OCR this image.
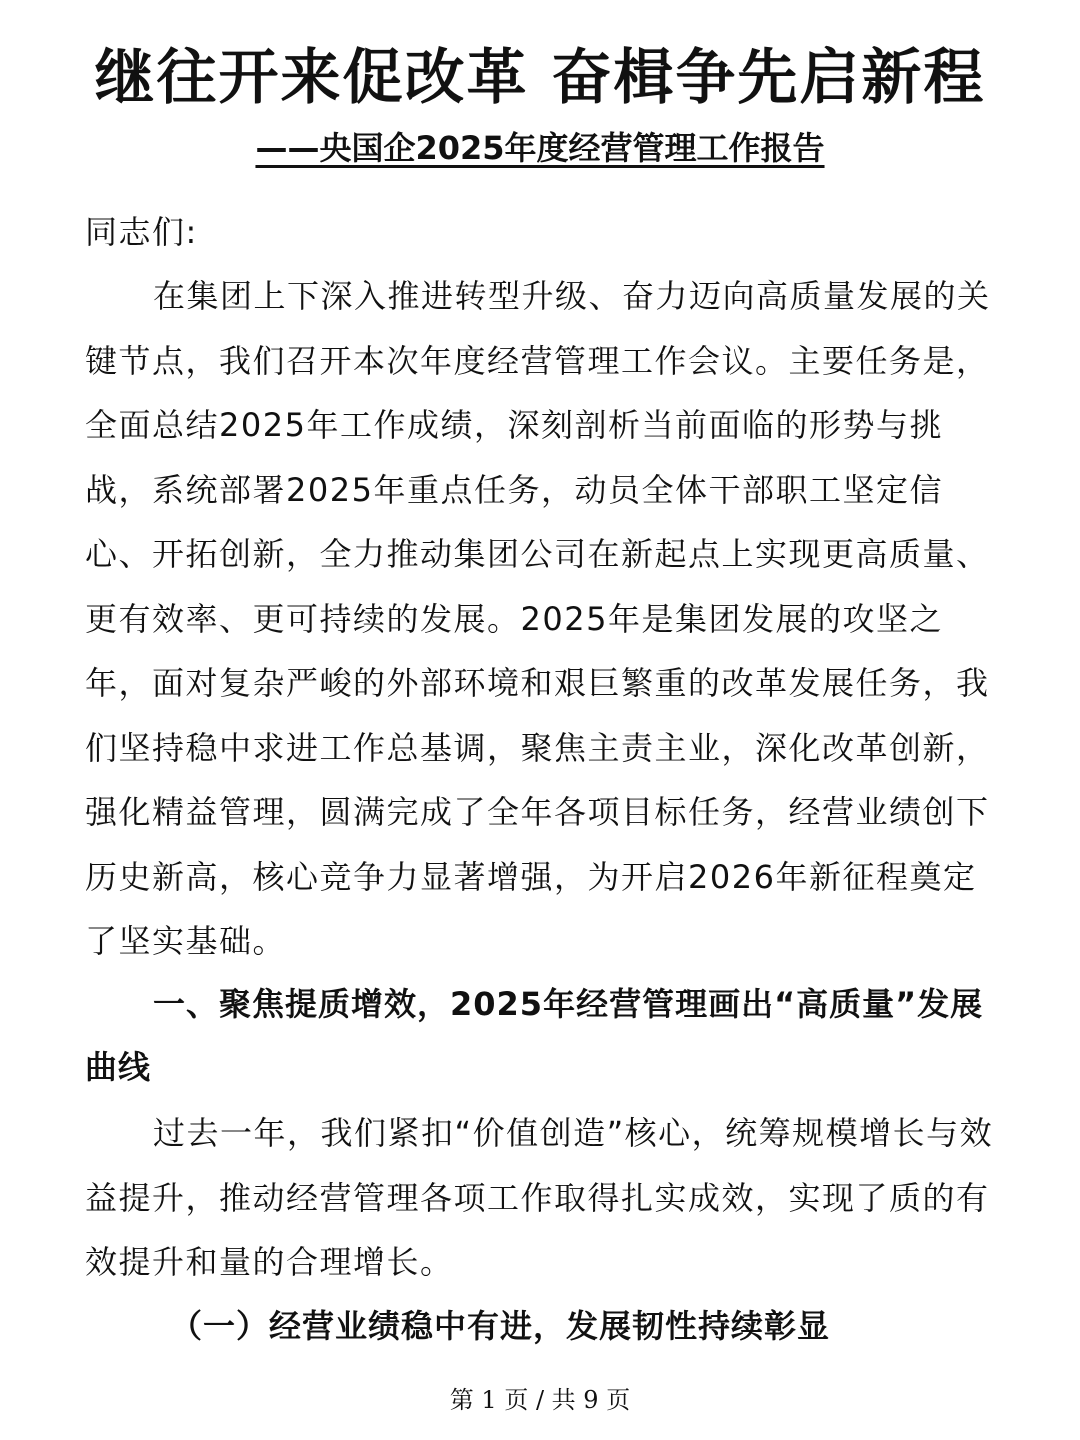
继往开来促改革 奋楫争先启新程
——央国企2025年度经营管理工作报告

同志们:

在集团上下深入推进转型升级、奋力迈向高质量发展的关键节点，我们召开本次年度经营管理工作会议。主要任务是，全面总结2025年工作成绩，深刻剖析当前面临的形势与挑战，系统部署2025年重点任务，动员全体干部职工坚定信心、开拓创新，全力推动集团公司在新起点上实现更高质量、更有效率、更可持续的发展。2025年是集团发展的攻坚之年，面对复杂严峻的外部环境和艰巨繁重的改革发展任务，我们坚持稳中求进工作总基调，聚焦主责主业，深化改革创新，强化精益管理，圆满完成了全年各项目标任务，经营业绩创下历史新高，核心竞争力显著增强，为开启2026年新征程奠定了坚实基础。

一、聚焦提质增效，2025年经营管理画出“高质量”发展曲线

过去一年，我们紧扣“价值创造”核心，统筹规模增长与效益提升，推动经营管理各项工作取得扎实成效，实现了质的有效提升和量的合理增长。

（一）经营业绩稳中有进，发展韧性持续彰显

第 1 页 / 共 9 页
